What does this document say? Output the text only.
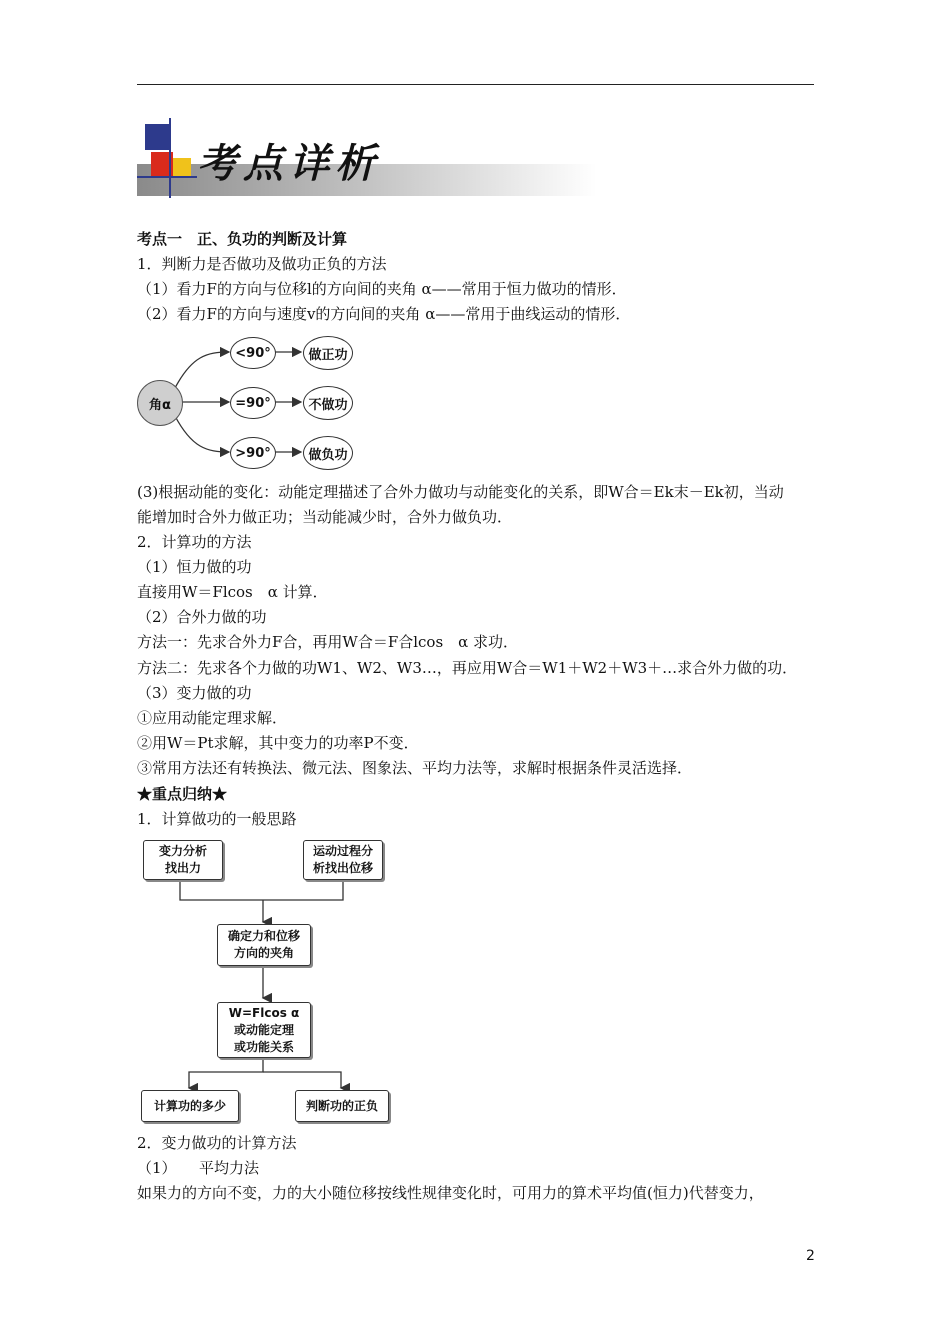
考点详析
考点一　正、负功的判断及计算
1．判断力是否做功及做功正负的方法
（1）看力F的方向与位移l的方向间的夹角 α——常用于恒力做功的情形．
（2）看力F的方向与速度v的方向间的夹角 α——常用于曲线运动的情形．
角α
<90°
=90°
>90°
做正功
不做功
做负功
(3)根据动能的变化：动能定理描述了合外力做功与动能变化的关系，即W合＝Ek末－Ek初，当动
能增加时合外力做正功；当动能减少时，合外力做负功．
2．计算功的方法
（1）恒力做的功
直接用W＝Flcos　α 计算．
（2）合外力做的功
方法一：先求合外力F合，再用W合＝F合lcos　α 求功．
方法二：先求各个力做的功W1、W2、W3…，再应用W合＝W1＋W2＋W3＋…求合外力做的功．
（3）变力做的功
①应用动能定理求解．
②用W＝Pt求解，其中变力的功率P不变．
③常用方法还有转换法、微元法、图象法、平均力法等，求解时根据条件灵活选择．
★重点归纳★
1．计算做功的一般思路
变力分析
找出力
运动过程分
析找出位移
确定力和位移
方向的夹角
W=Flcos α
或动能定理
或功能关系
计算功的多少	判断功的正负
2．变力做功的计算方法
（1）　　平均力法
如果力的方向不变，力的大小随位移按线性规律变化时，可用力的算术平均值(恒力)代替变力，
2
